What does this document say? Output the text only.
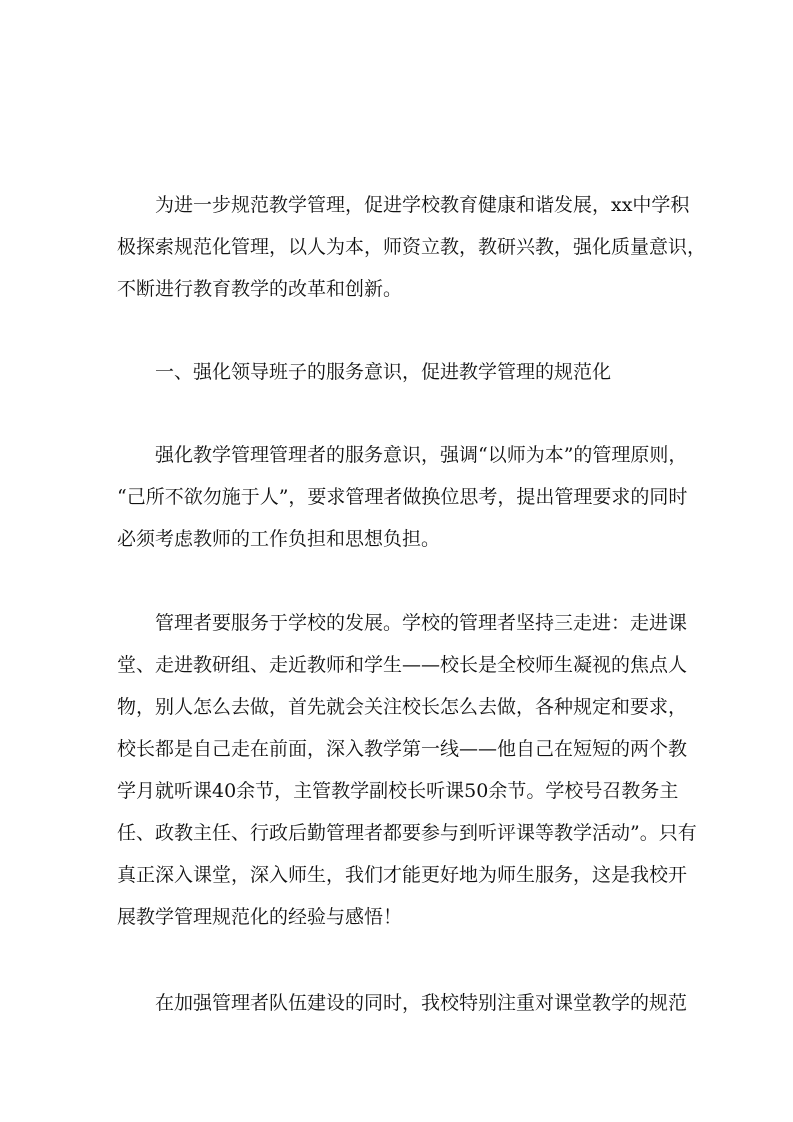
为进一步规范教学管理，促进学校教育健康和谐发展，xx中学积
极探索规范化管理，以人为本，师资立教，教研兴教，强化质量意识，
不断进行教育教学的改革和创新。
一、强化领导班子的服务意识，促进教学管理的规范化
强化教学管理管理者的服务意识，强调“以师为本”的管理原则，
“己所不欲勿施于人”，要求管理者做换位思考，提出管理要求的同时
必须考虑教师的工作负担和思想负担。
管理者要服务于学校的发展。学校的管理者坚持三走进：走进课
堂、走进教研组、走近教师和学生——校长是全校师生凝视的焦点人
物，别人怎么去做，首先就会关注校长怎么去做，各种规定和要求，
校长都是自己走在前面，深入教学第一线——他自己在短短的两个教
学月就听课40余节，主管教学副校长听课50余节。学校号召教务主
任、政教主任、行政后勤管理者都要参与到听评课等教学活动”。只有
真正深入课堂，深入师生，我们才能更好地为师生服务，这是我校开
展教学管理规范化的经验与感悟！
在加强管理者队伍建设的同时，我校特别注重对课堂教学的规范
